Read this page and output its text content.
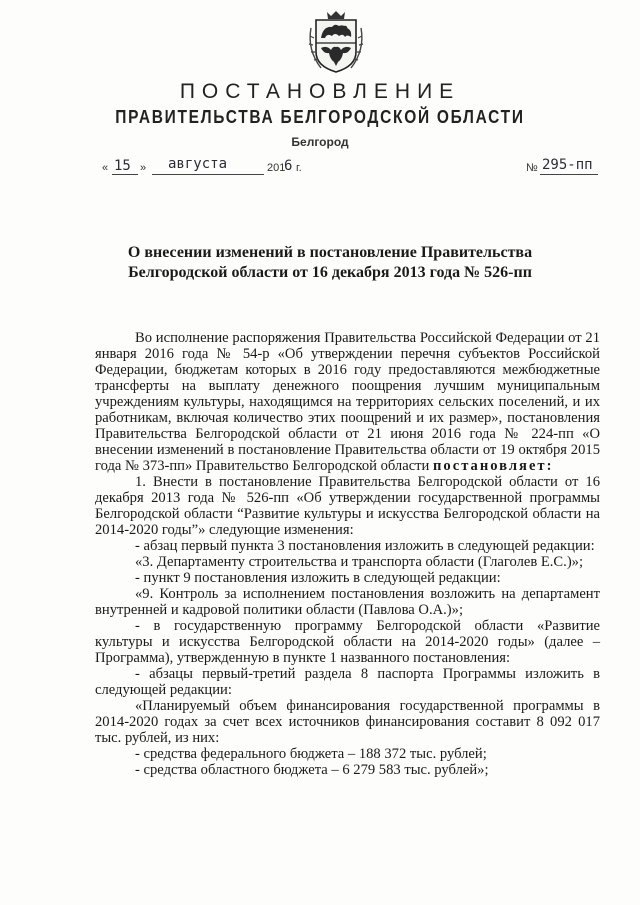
ПОСТАНОВЛЕНИЕ
ПРАВИТЕЛЬСТВА БЕЛГОРОДСКОЙ ОБЛАСТИ
Белгород
« 15 » августа	201
6 г.	№ 295-пп
О внесении изменений в постановление Правительства
Белгородской области от 16 декабря 2013 года № 526-пп

Во исполнение распоряжения Правительства Российской Федерации от 21 января 2016 года № 54-р «Об утверждении перечня субъектов Российской Федерации, бюджетам которых в 2016 году предоставляются межбюджетные трансферты на выплату денежного поощрения лучшим муниципальным учреждениям культуры, находящимся на территориях сельских поселений, и их работникам, включая количество этих поощрений и их размер», постановления Правительства Белгородской области от 21 июня 2016 года № 224-пп «О внесении изменений в постановление Правительства области от 19 октября 2015 года № 373-пп» Правительство Белгородской области постановляет:

1. Внести в постановление Правительства Белгородской области от 16 декабря 2013 года № 526-пп «Об утверждении государственной программы Белгородской области “Развитие культуры и искусства Белгородской области на 2014-2020 годы”» следующие изменения:

- абзац первый пункта 3 постановления изложить в следующей редакции:

«3. Департаменту строительства и транспорта области (Глаголев Е.С.)»;

- пункт 9 постановления изложить в следующей редакции:

«9. Контроль за исполнением постановления возложить на департамент внутренней и кадровой политики области (Павлова О.А.)»;

- в государственную программу Белгородской области «Развитие культуры и искусства Белгородской области на 2014-2020 годы» (далее – Программа), утвержденную в пункте 1 названного постановления:

- абзацы первый-третий раздела 8 паспорта Программы изложить в следующей редакции:

«Планируемый объем финансирования государственной программы в 2014-2020 годах за счет всех источников финансирования составит 8 092 017 тыс. рублей, из них:

- средства федерального бюджета – 188 372 тыс. рублей;

- средства областного бюджета – 6 279 583 тыс. рублей»;
